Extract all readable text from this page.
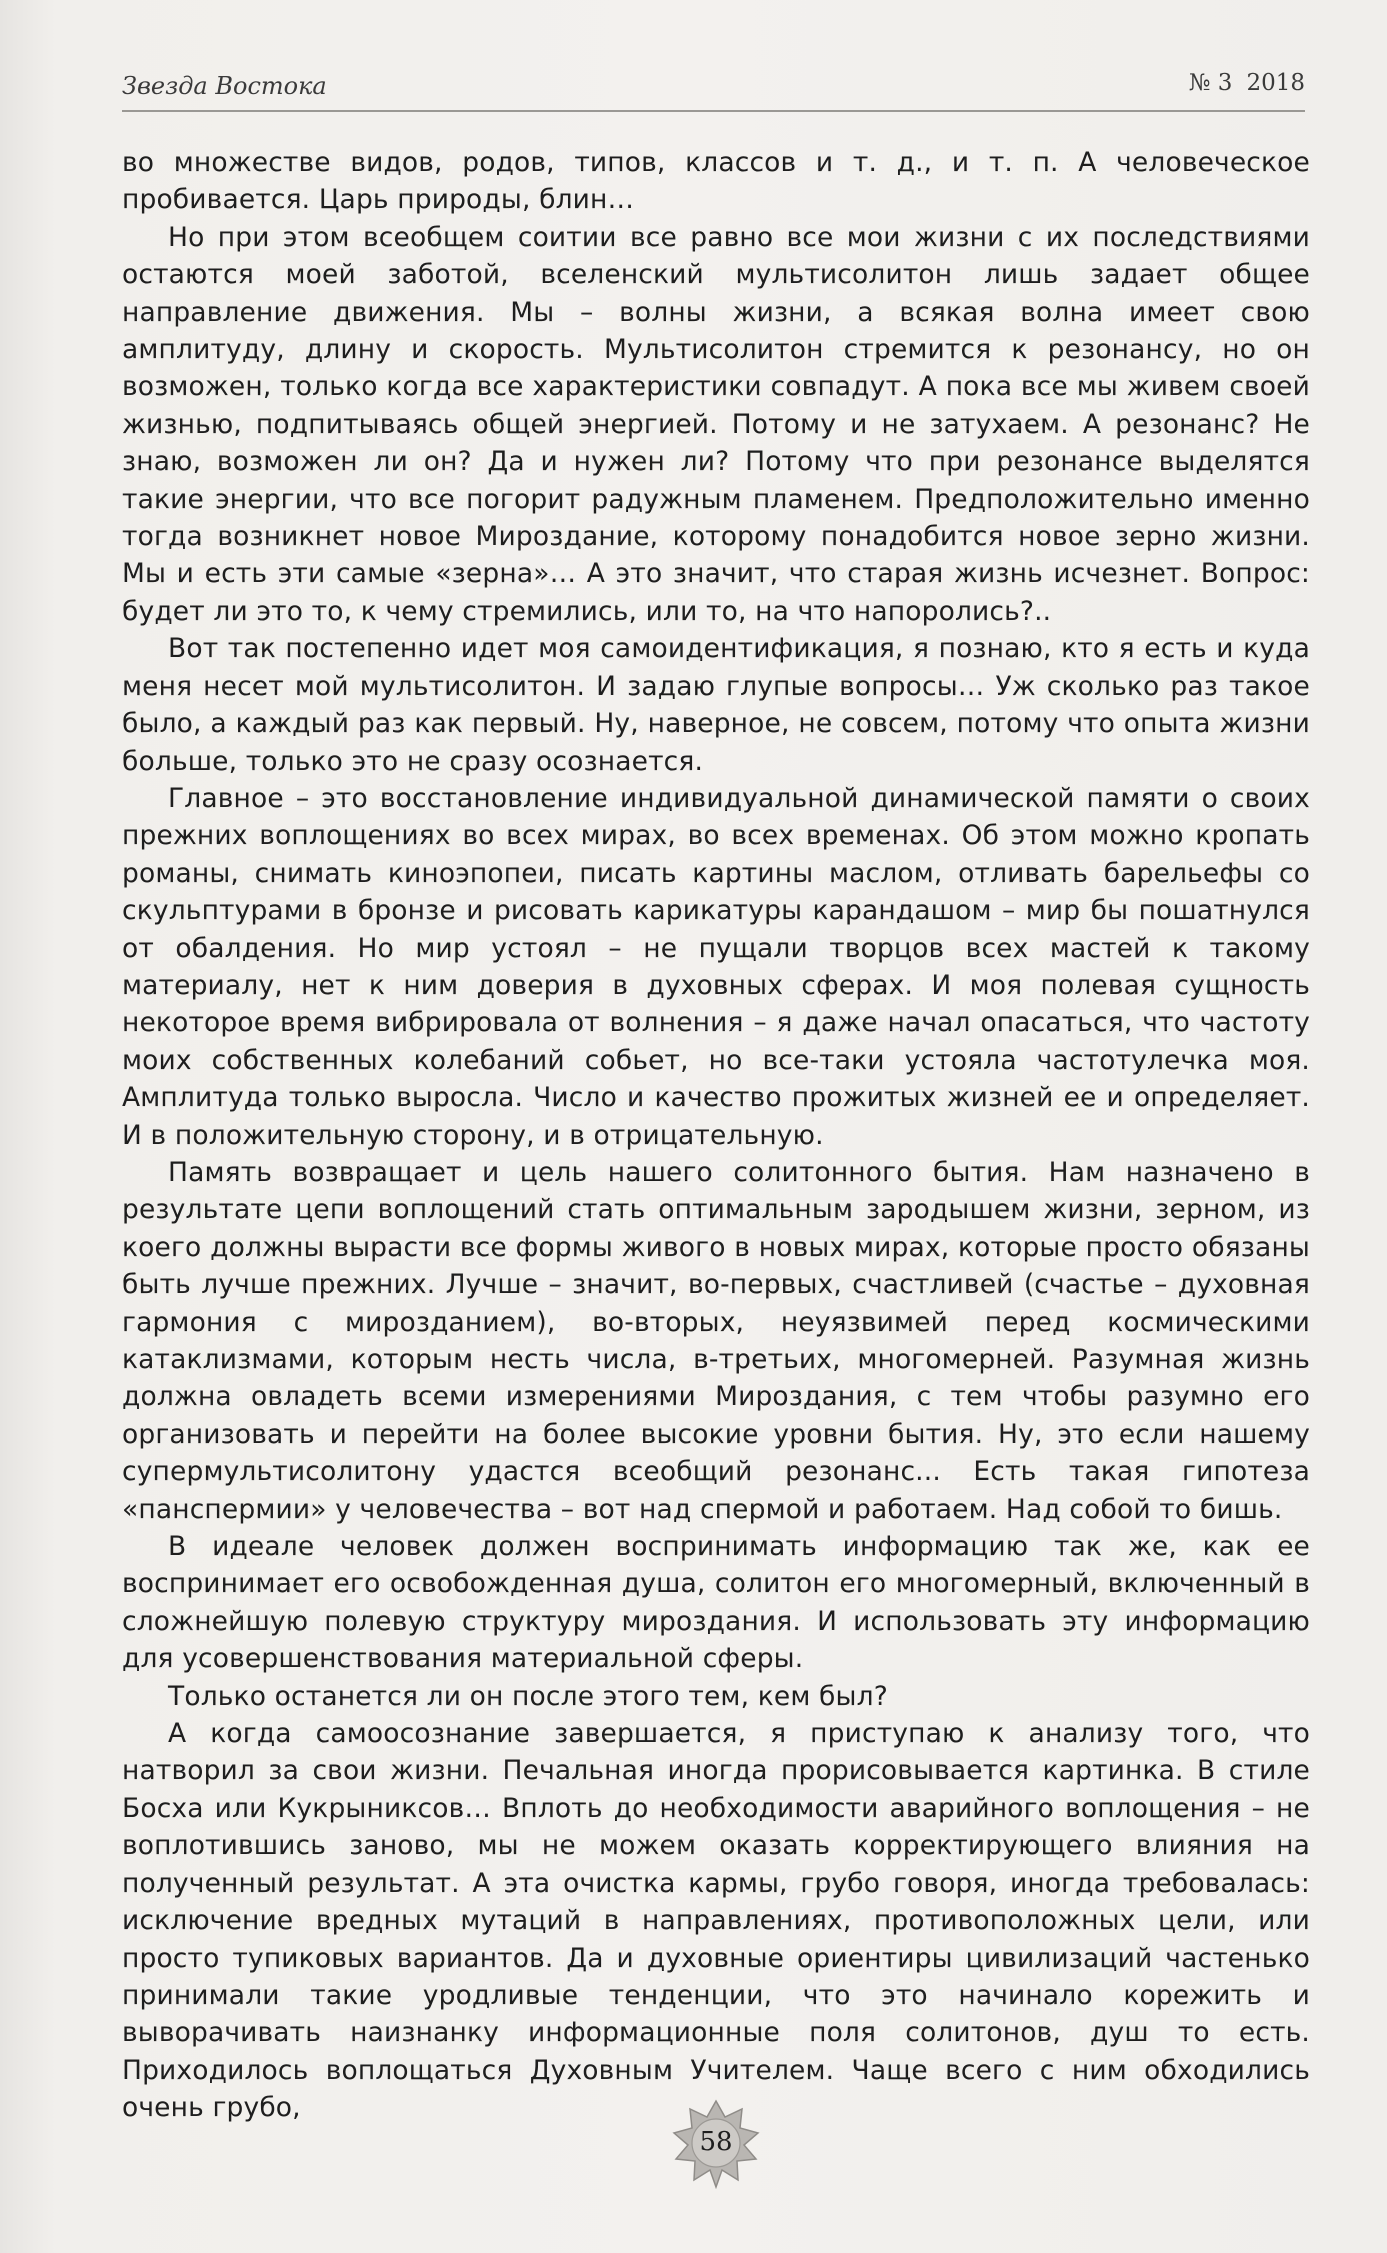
Звезда Востока	№ 3 2018

во множестве видов, родов, типов, классов и т. д., и т. п. А человеческое пробивается. Царь природы, блин…

Но при этом всеобщем соитии все равно все мои жизни с их последствиями остаются моей заботой, вселенский мультисолитон лишь задает общее направление движения. Мы – волны жизни, а всякая волна имеет свою амплитуду, длину и скорость. Мультисолитон стремится к резонансу, но он возможен, только когда все характеристики совпадут. А пока все мы живем своей жизнью, подпитываясь общей энергией. Потому и не затухаем. А резонанс? Не знаю, возможен ли он? Да и нужен ли? Потому что при резонансе выделятся такие энергии, что все погорит радужным пламенем. Предположительно именно тогда возникнет новое Мироздание, которому понадобится новое зерно жизни. Мы и есть эти самые «зерна»… А это значит, что старая жизнь исчезнет. Вопрос: будет ли это то, к чему стремились, или то, на что напоролись?..

Вот так постепенно идет моя самоидентификация, я познаю, кто я есть и куда меня несет мой мультисолитон. И задаю глупые вопросы… Уж сколько раз такое было, а каждый раз как первый. Ну, наверное, не совсем, потому что опыта жизни больше, только это не сразу осознается.

Главное – это восстановление индивидуальной динамической памяти о своих прежних воплощениях во всех мирах, во всех временах. Об этом можно кропать романы, снимать киноэпопеи, писать картины маслом, отливать барельефы со скульптурами в бронзе и рисовать карикатуры карандашом – мир бы пошатнулся от обалдения. Но мир устоял – не пущали творцов всех мастей к такому материалу, нет к ним доверия в духовных сферах. И моя полевая сущность некоторое время вибрировала от волнения – я даже начал опасаться, что частоту моих собственных колебаний собьет, но все-таки устояла частотулечка моя. Амплитуда только выросла. Число и качество прожитых жизней ее и определяет. И в положительную сторону, и в отрицательную.

Память возвращает и цель нашего солитонного бытия. Нам назначено в результате цепи воплощений стать оптимальным зародышем жизни, зерном, из коего должны вырасти все формы живого в новых мирах, которые просто обязаны быть лучше прежних. Лучше – значит, во-первых, счастливей (счастье – духовная гармония с мирозданием), во-вторых, неуязвимей перед космическими катаклизмами, которым несть числа, в-третьих, многомерней. Разумная жизнь должна овладеть всеми измерениями Мироздания, с тем чтобы разумно его организовать и перейти на более высокие уровни бытия. Ну, это если нашему супермультисолитону удастся всеобщий резонанс... Есть такая гипотеза «панспермии» у человечества – вот над спермой и работаем. Над собой то бишь.

В идеале человек должен воспринимать информацию так же, как ее воспринимает его освобожденная душа, солитон его многомерный, включенный в сложнейшую полевую структуру мироздания. И использовать эту информацию для усовершенствования материальной сферы.

Только останется ли он после этого тем, кем был?

А когда самоосознание завершается, я приступаю к анализу того, что натворил за свои жизни. Печальная иногда прорисовывается картинка. В стиле Босха или Кукрыниксов… Вплоть до необходимости аварийного воплощения – не воплотившись заново, мы не можем оказать корректирующего влияния на полученный результат. А эта очистка кармы, грубо говоря, иногда требовалась: исключение вредных мутаций в направлениях, противоположных цели, или просто тупиковых вариантов. Да и духовные ориентиры цивилизаций частенько принимали такие уродливые тенденции, что это начинало корежить и выворачивать наизнанку информационные поля солитонов, душ то есть. Приходилось воплощаться Духовным Учителем. Чаще всего с ним обходились очень грубо,

58
